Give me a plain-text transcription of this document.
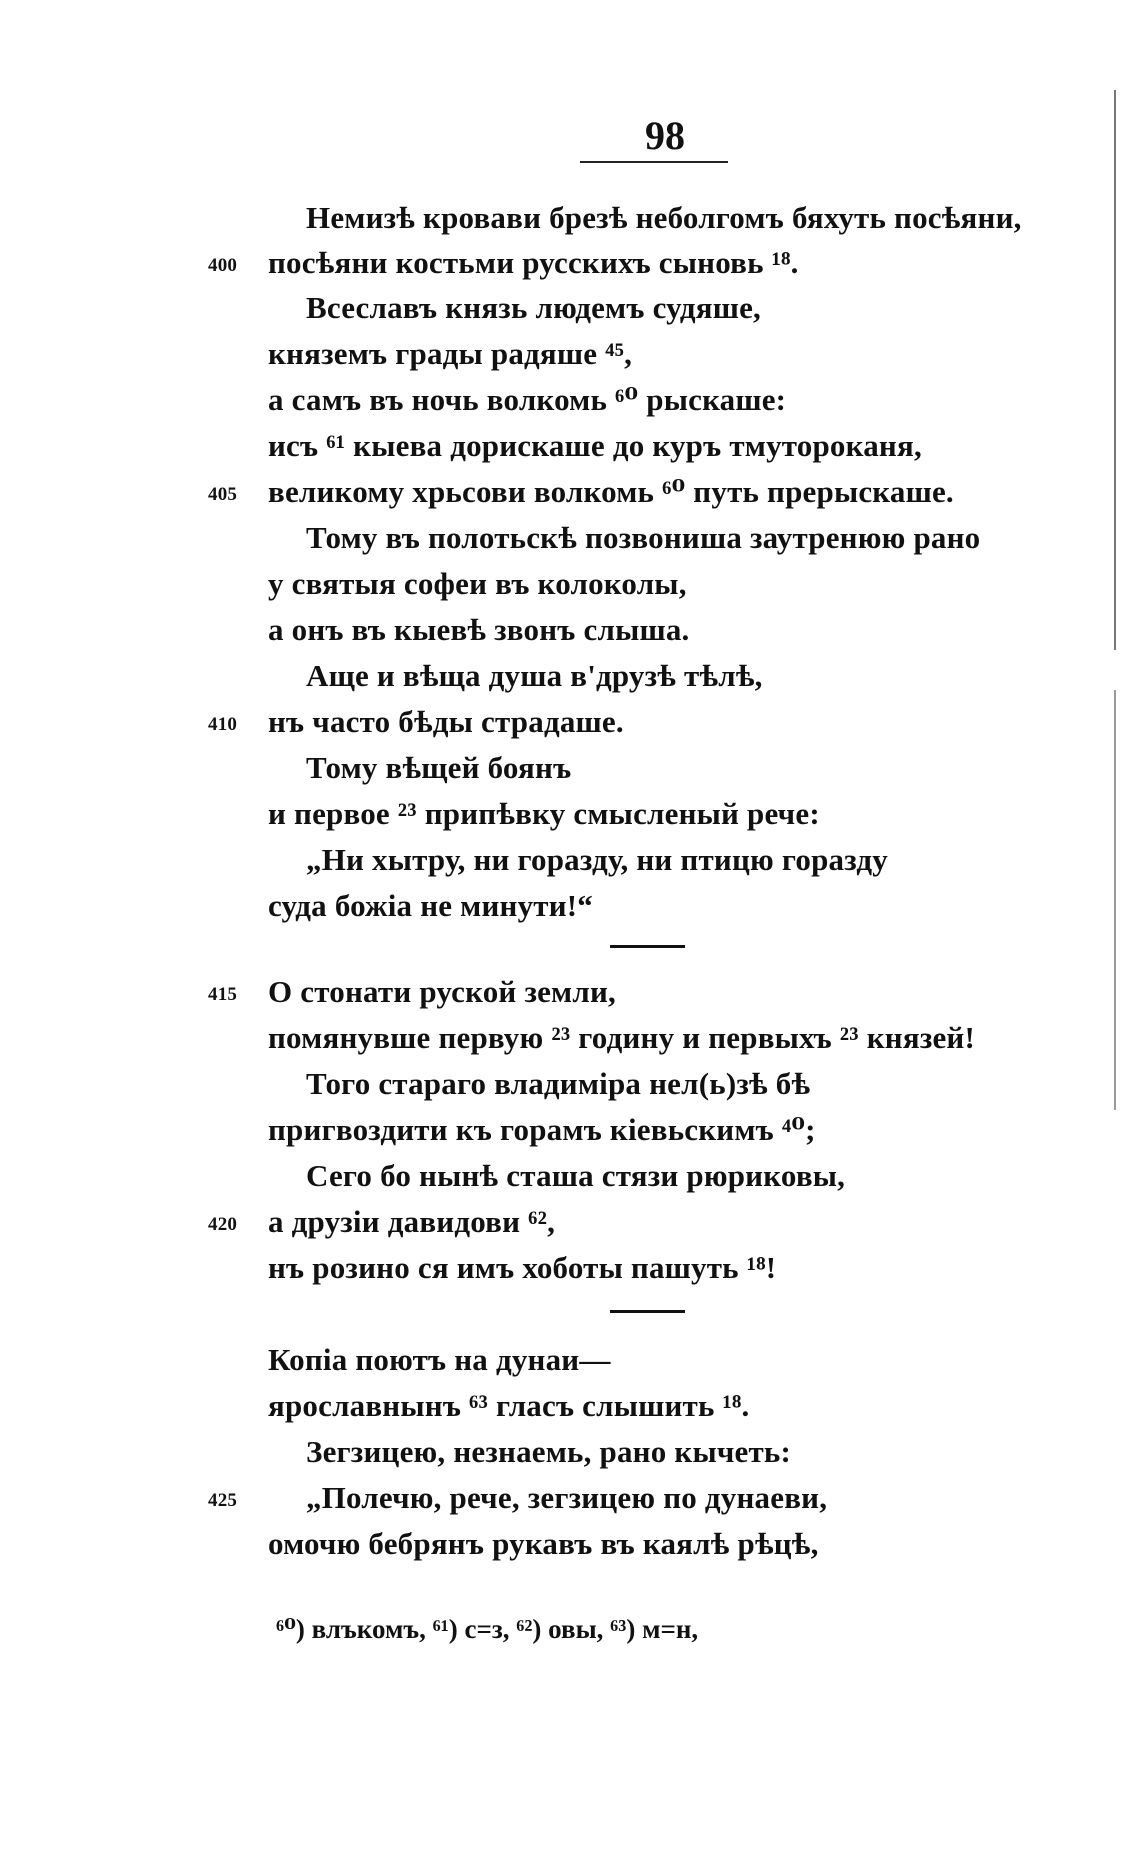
98
Немизѣ кровави брезѣ неболгомъ бяхуть посѣяни,
400 посѣяни костьми русскихъ сыновь ¹⁸.
Всеславъ князь людемъ судяше,
княземъ грады радяше ⁴⁵,
а самъ въ ночь волкомь ⁶⁰ рыскаше:
исъ ⁶¹ кыева дорискаше до куръ тмутороканя,
405 великому хрьсови волкомь ⁶⁰ путь прерыскаше.
Тому въ полотьскѣ позвониша заутренюю рано
у святыя софеи въ колоколы,
а онъ въ кыевѣ звонъ слыша.
Аще и вѣща душа в'друзѣ тѣлѣ,
410 нъ часто бѣды страдаше.
Тому вѣщей боянъ
и первое ²³ припѣвку смысленый рече:
„Ни хытру, ни горазду, ни птицю горазду
суда божіа не минути!“
415 О стонати руской земли,
помянувше первую ²³ годину и первыхъ ²³ князей!
Того стараго владиміра нел(ь)зѣ бѣ
пригвоздити къ горамъ кіевьскимъ ⁴⁰;
Сего бо нынѣ сташа стязи рюриковы,
420 а друзіи давидови ⁶²,
нъ розино ся имъ хоботы пашуть ¹⁸!
Копіа поютъ на дунаи—
ярославнынъ ⁶³ гласъ слышить ¹⁸.
Зегзицею, незнаемь, рано кычеть:
425 „Полечю, рече, зегзицею по дунаеви,
омочю бебрянъ рукавъ въ каялѣ рѣцѣ,
⁶⁰) влъкомъ, ⁶¹) с=з, ⁶²) овы, ⁶³) м=н,
